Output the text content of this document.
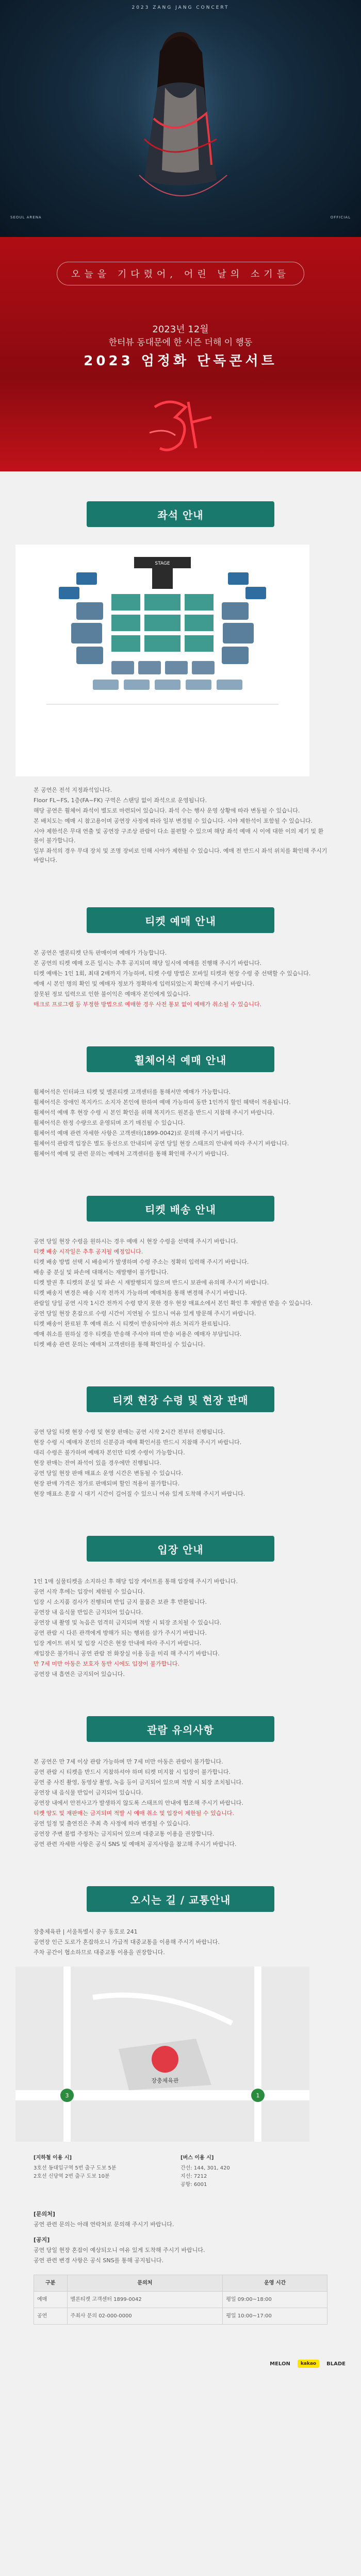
2023 ZANG JANG CONCERT
SEOUL ARENA	OFFICIAL
오늘을 기다렸어, 어린 날의 소기들
2023년 12월
한터뷰 동대문에 한 시즌 더해 이 행동
2023 엄정화 단독콘서트
좌석 안내
STAGE

본 공연은 전석 지정좌석입니다.

Floor FL~FS, 1층(FA~FK) 구역은 스탠딩 없이 좌석으로 운영됩니다.

해당 공연은 휠체어 좌석이 별도로 마련되어 있습니다. 좌석 수는 행사 운영 상황에 따라 변동될 수 있습니다.

본 배치도는 예매 시 참고용이며 공연장 사정에 따라 일부 변경될 수 있습니다. 시야 제한석이 포함될 수 있습니다.

시야 제한석은 무대 연출 및 공연장 구조상 관람이 다소 불편할 수 있으며 해당 좌석 예매 시 이에 대한 이의 제기 및 환불이 불가합니다.

일부 좌석의 경우 무대 장치 및 조명 장비로 인해 시야가 제한될 수 있습니다. 예매 전 반드시 좌석 위치를 확인해 주시기 바랍니다.

티켓 예매 안내

본 공연은 멜론티켓 단독 판매이며 예매가 가능합니다.

본 공연의 티켓 예매 오픈 일시는 추후 공지되며 해당 일시에 예매를 진행해 주시기 바랍니다.

티켓 예매는 1인 1회, 최대 2매까지 가능하며, 티켓 수령 방법은 모바일 티켓과 현장 수령 중 선택할 수 있습니다.

예매 시 본인 명의 확인 및 예매자 정보가 정확하게 입력되었는지 확인해 주시기 바랍니다.

잘못된 정보 입력으로 인한 불이익은 예매자 본인에게 있습니다.

매크로 프로그램 등 부정한 방법으로 예매한 경우 사전 통보 없이 예매가 취소될 수 있습니다.

휠체어석 예매 안내

휠체어석은 인터파크 티켓 및 멜론티켓 고객센터를 통해서만 예매가 가능합니다.

휠체어석은 장애인 복지카드 소지자 본인에 한하여 예매 가능하며 동반 1인까지 할인 혜택이 적용됩니다.

휠체어석 예매 후 현장 수령 시 본인 확인을 위해 복지카드 원본을 반드시 지참해 주시기 바랍니다.

휠체어석은 한정 수량으로 운영되며 조기 매진될 수 있습니다.

휠체어석 예매 관련 자세한 사항은 고객센터(1899-0042)로 문의해 주시기 바랍니다.

휠체어석 관람객 입장은 별도 동선으로 안내되며 공연 당일 현장 스태프의 안내에 따라 주시기 바랍니다.

휠체어석 예매 및 관련 문의는 예매처 고객센터를 통해 확인해 주시기 바랍니다.

티켓 배송 안내

공연 당일 현장 수령을 원하시는 경우 예매 시 현장 수령을 선택해 주시기 바랍니다.

티켓 배송 시작일은 추후 공지될 예정입니다.

티켓 배송 방법 선택 시 배송비가 발생하며 수령 주소는 정확히 입력해 주시기 바랍니다.

배송 중 분실 및 파손에 대해서는 재발행이 불가합니다.

티켓 발권 후 티켓의 분실 및 파손 시 재발행되지 않으며 반드시 보관에 유의해 주시기 바랍니다.

티켓 배송지 변경은 배송 시작 전까지 가능하며 예매처를 통해 변경해 주시기 바랍니다.

관람일 당일 공연 시작 1시간 전까지 수령 받지 못한 경우 현장 매표소에서 본인 확인 후 재발권 받을 수 있습니다.

공연 당일 현장 혼잡으로 수령 시간이 지연될 수 있으니 여유 있게 방문해 주시기 바랍니다.

티켓 배송이 완료된 후 예매 취소 시 티켓이 반송되어야 취소 처리가 완료됩니다.

예매 취소를 원하실 경우 티켓을 반송해 주셔야 하며 반송 비용은 예매자 부담입니다.

티켓 배송 관련 문의는 예매처 고객센터를 통해 확인하실 수 있습니다.

티켓 현장 수령 및 현장 판매

공연 당일 티켓 현장 수령 및 현장 판매는 공연 시작 2시간 전부터 진행됩니다.

현장 수령 시 예매자 본인의 신분증과 예매 확인서를 반드시 지참해 주시기 바랍니다.

대리 수령은 불가하며 예매자 본인만 티켓 수령이 가능합니다.

현장 판매는 잔여 좌석이 있을 경우에만 진행됩니다.

공연 당일 현장 판매 매표소 운영 시간은 변동될 수 있습니다.

현장 판매 가격은 정가로 판매되며 할인 적용이 불가합니다.

현장 매표소 혼잡 시 대기 시간이 길어질 수 있으니 여유 있게 도착해 주시기 바랍니다.

입장 안내

1인 1매 실물티켓을 소지하신 후 해당 입장 게이트를 통해 입장해 주시기 바랍니다.

공연 시작 후에는 입장이 제한될 수 있습니다.

입장 시 소지품 검사가 진행되며 반입 금지 물품은 보관 후 반환됩니다.

공연장 내 음식물 반입은 금지되어 있습니다.

공연장 내 촬영 및 녹음은 엄격히 금지되며 적발 시 퇴장 조치될 수 있습니다.

공연 관람 시 다른 관객에게 방해가 되는 행위를 삼가 주시기 바랍니다.

입장 게이트 위치 및 입장 시간은 현장 안내에 따라 주시기 바랍니다.

재입장은 불가하니 공연 관람 전 화장실 이용 등을 미리 해 주시기 바랍니다.

만 7세 미만 아동은 보호자 동반 시에도 입장이 불가합니다.

공연장 내 흡연은 금지되어 있습니다.

관람 유의사항

본 공연은 만 7세 이상 관람 가능하며 만 7세 미만 아동은 관람이 불가합니다.

공연 관람 시 티켓을 반드시 지참하셔야 하며 티켓 미지참 시 입장이 불가합니다.

공연 중 사진 촬영, 동영상 촬영, 녹음 등이 금지되어 있으며 적발 시 퇴장 조치됩니다.

공연장 내 음식물 반입이 금지되어 있습니다.

공연장 내에서 안전사고가 발생하지 않도록 스태프의 안내에 협조해 주시기 바랍니다.

티켓 양도 및 재판매는 금지되며 적발 시 예매 취소 및 입장이 제한될 수 있습니다.

공연 일정 및 출연진은 주최 측 사정에 따라 변경될 수 있습니다.

공연장 주변 불법 주정차는 금지되어 있으며 대중교통 이용을 권장합니다.

공연 관련 자세한 사항은 공식 SNS 및 예매처 공지사항을 참고해 주시기 바랍니다.

오시는 길 / 교통안내

장충체육관 | 서울특별시 중구 동호로 241

공연장 인근 도로가 혼잡하오니 가급적 대중교통을 이용해 주시기 바랍니다.

주차 공간이 협소하므로 대중교통 이용을 권장합니다.

장충체육관
3	1
[지하철 이용 시]
3호선 동대입구역 5번 출구 도보 5분
2호선 신당역 2번 출구 도보 10분
[버스 이용 시]
간선: 144, 301, 420
지선: 7212
공항: 6001

[문의처]

공연 관련 문의는 아래 연락처로 문의해 주시기 바랍니다.

[공지]

공연 당일 현장 혼잡이 예상되오니 여유 있게 도착해 주시기 바랍니다.

공연 관련 변경 사항은 공식 SNS를 통해 공지됩니다.

구분	문의처	운영 시간
예매	멜론티켓 고객센터 1899-0042	평일 09:00~18:00
공연	주최사 문의 02-000-0000	평일 10:00~17:00
MELON	kakao	BLADE
